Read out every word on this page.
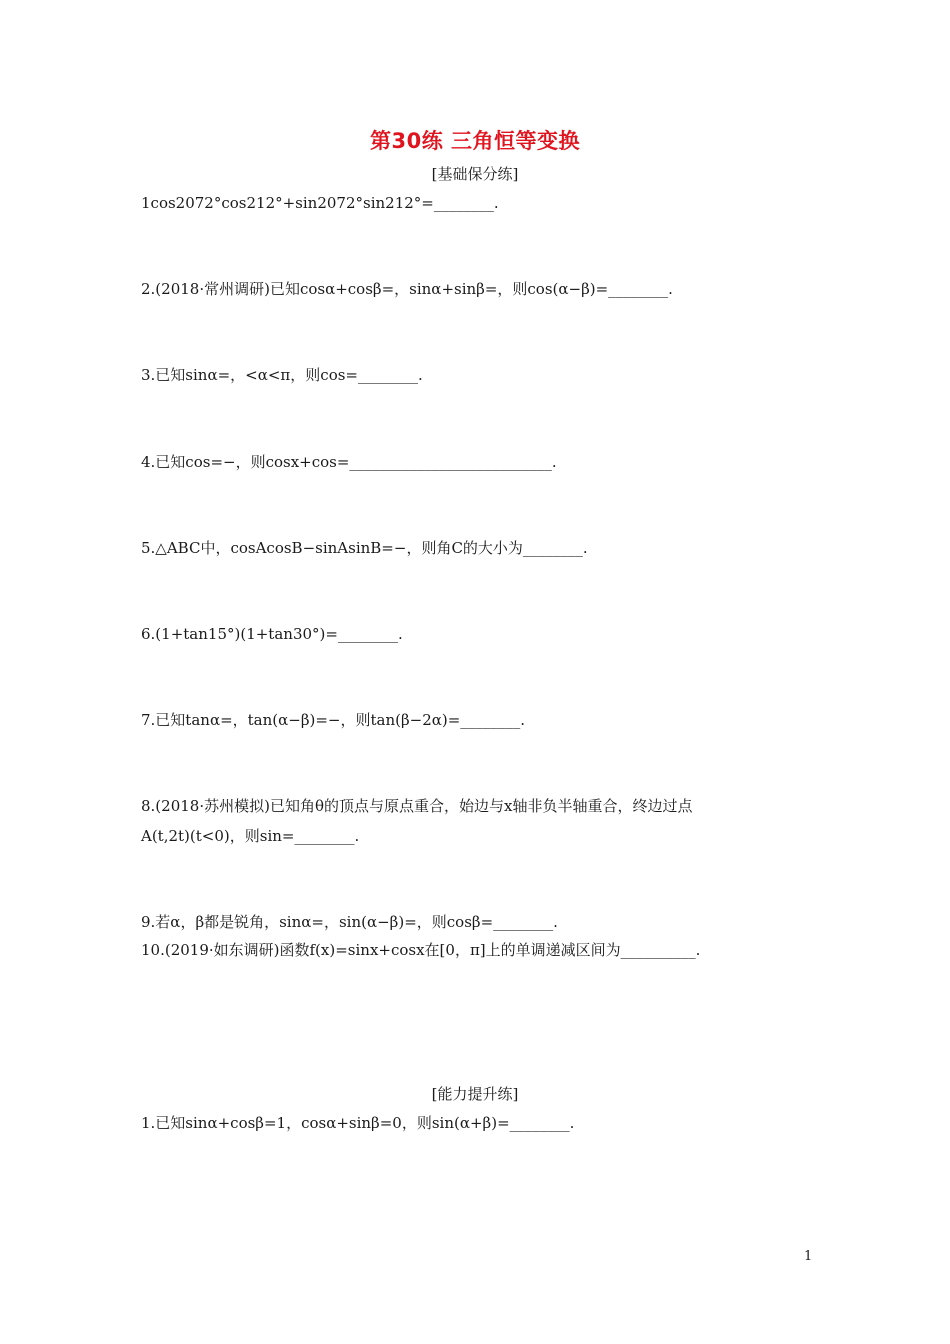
第30练 三角恒等变换
[基础保分练]
1cos2072°cos212°+sin2072°sin212°=________.
2.(2018·常州调研)已知cosα+cosβ=，sinα+sinβ=，则cos(α−β)=________.
3.已知sinα=，<α<π，则cos=________.
4.已知cos=−，则cosx+cos=___________________________.
5.△ABC中，cosAcosB−sinAsinB=−，则角C的大小为________.
6.(1+tan15°)(1+tan30°)=________.
7.已知tanα=，tan(α−β)=−，则tan(β−2α)=________.
8.(2018·苏州模拟)已知角θ的顶点与原点重合，始边与x轴非负半轴重合，终边过点
A(t,2t)(t<0)，则sin=________.
9.若α，β都是锐角，sinα=，sin(α−β)=，则cosβ=________.
10.(2019·如东调研)函数f(x)=sinx+cosx在[0，π]上的单调递减区间为__________.
[能力提升练]
1.已知sinα+cosβ=1，cosα+sinβ=0，则sin(α+β)=________.
1
